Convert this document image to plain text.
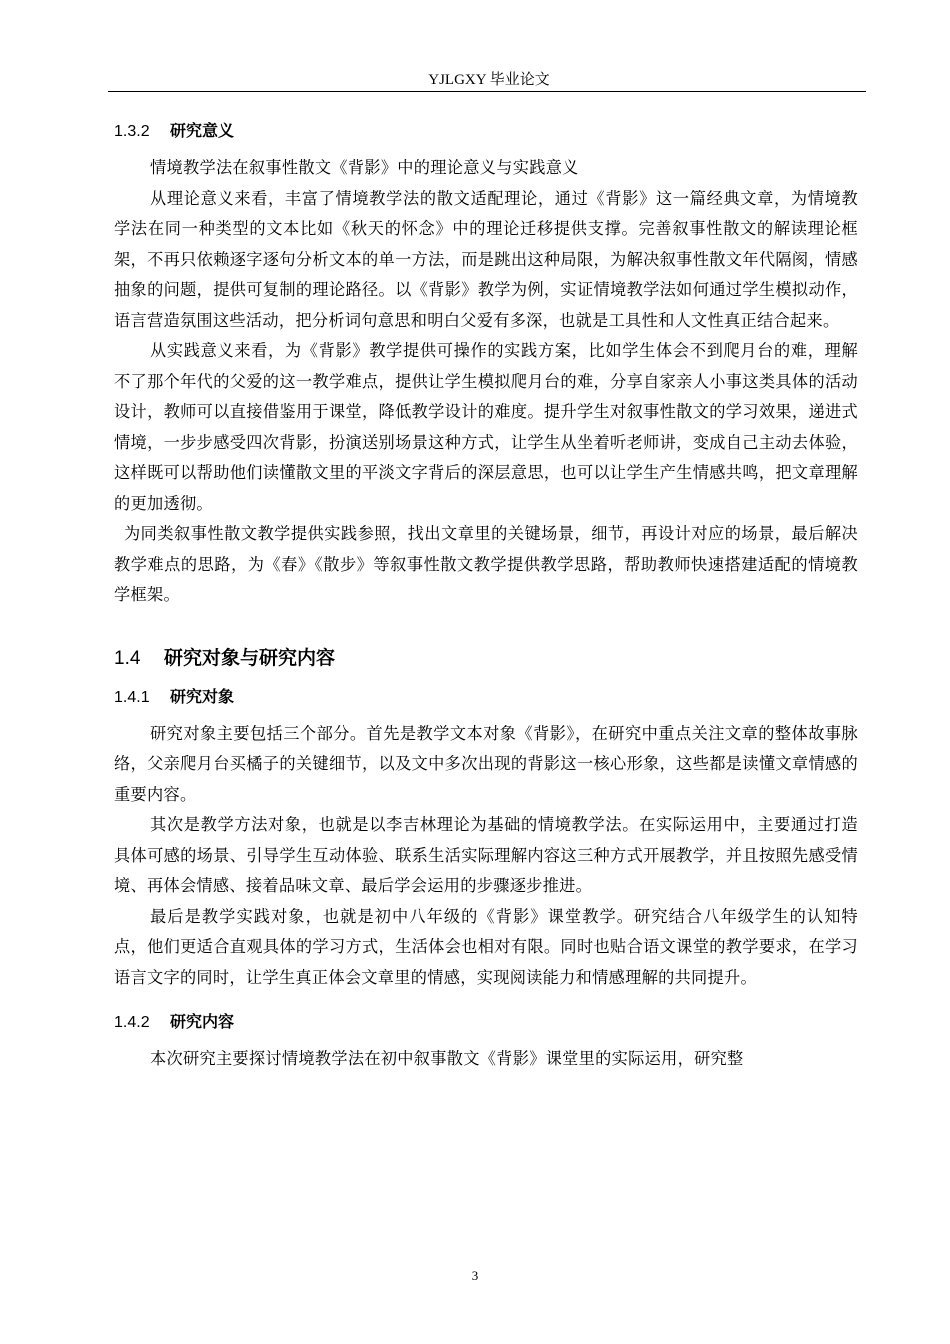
YJLGXY 毕业论文
1.3.2 研究意义

情境教学法在叙事性散文《背影》中的理论意义与实践意义

从理论意义来看，丰富了情境教学法的散文适配理论，通过《背影》这一篇经典文章，为情境教学法在同一种类型的文本比如《秋天的怀念》中的理论迁移提供支撑。完善叙事性散文的解读理论框架，不再只依赖逐字逐句分析文本的单一方法，而是跳出这种局限，为解决叙事性散文年代隔阂，情感抽象的问题，提供可复制的理论路径。以《背影》教学为例，实证情境教学法如何通过学生模拟动作，语言营造氛围这些活动，把分析词句意思和明白父爱有多深，也就是工具性和人文性真正结合起来。

从实践意义来看，为《背影》教学提供可操作的实践方案，比如学生体会不到爬月台的难，理解不了那个年代的父爱的这一教学难点，提供让学生模拟爬月台的难，分享自家亲人小事这类具体的活动设计，教师可以直接借鉴用于课堂，降低教学设计的难度。提升学生对叙事性散文的学习效果，递进式情境，一步步感受四次背影，扮演送别场景这种方式，让学生从坐着听老师讲，变成自己主动去体验，这样既可以帮助他们读懂散文里的平淡文字背后的深层意思，也可以让学生产生情感共鸣，把文章理解的更加透彻。

为同类叙事性散文教学提供实践参照，找出文章里的关键场景，细节，再设计对应的场景，最后解决教学难点的思路，为《春》《散步》等叙事性散文教学提供教学思路，帮助教师快速搭建适配的情境教学框架。

1.4 研究对象与研究内容
1.4.1 研究对象

研究对象主要包括三个部分。首先是教学文本对象《背影》，在研究中重点关注文章的整体故事脉络，父亲爬月台买橘子的关键细节，以及文中多次出现的背影这一核心形象，这些都是读懂文章情感的重要内容。

其次是教学方法对象，也就是以李吉林理论为基础的情境教学法。在实际运用中，主要通过打造具体可感的场景、引导学生互动体验、联系生活实际理解内容这三种方式开展教学，并且按照先感受情境、再体会情感、接着品味文章、最后学会运用的步骤逐步推进。

最后是教学实践对象，也就是初中八年级的《背影》课堂教学。研究结合八年级学生的认知特点，他们更适合直观具体的学习方式，生活体会也相对有限。同时也贴合语文课堂的教学要求，在学习语言文字的同时，让学生真正体会文章里的情感，实现阅读能力和情感理解的共同提升。

1.4.2 研究内容

本次研究主要探讨情境教学法在初中叙事散文《背影》课堂里的实际运用，研究整

3
